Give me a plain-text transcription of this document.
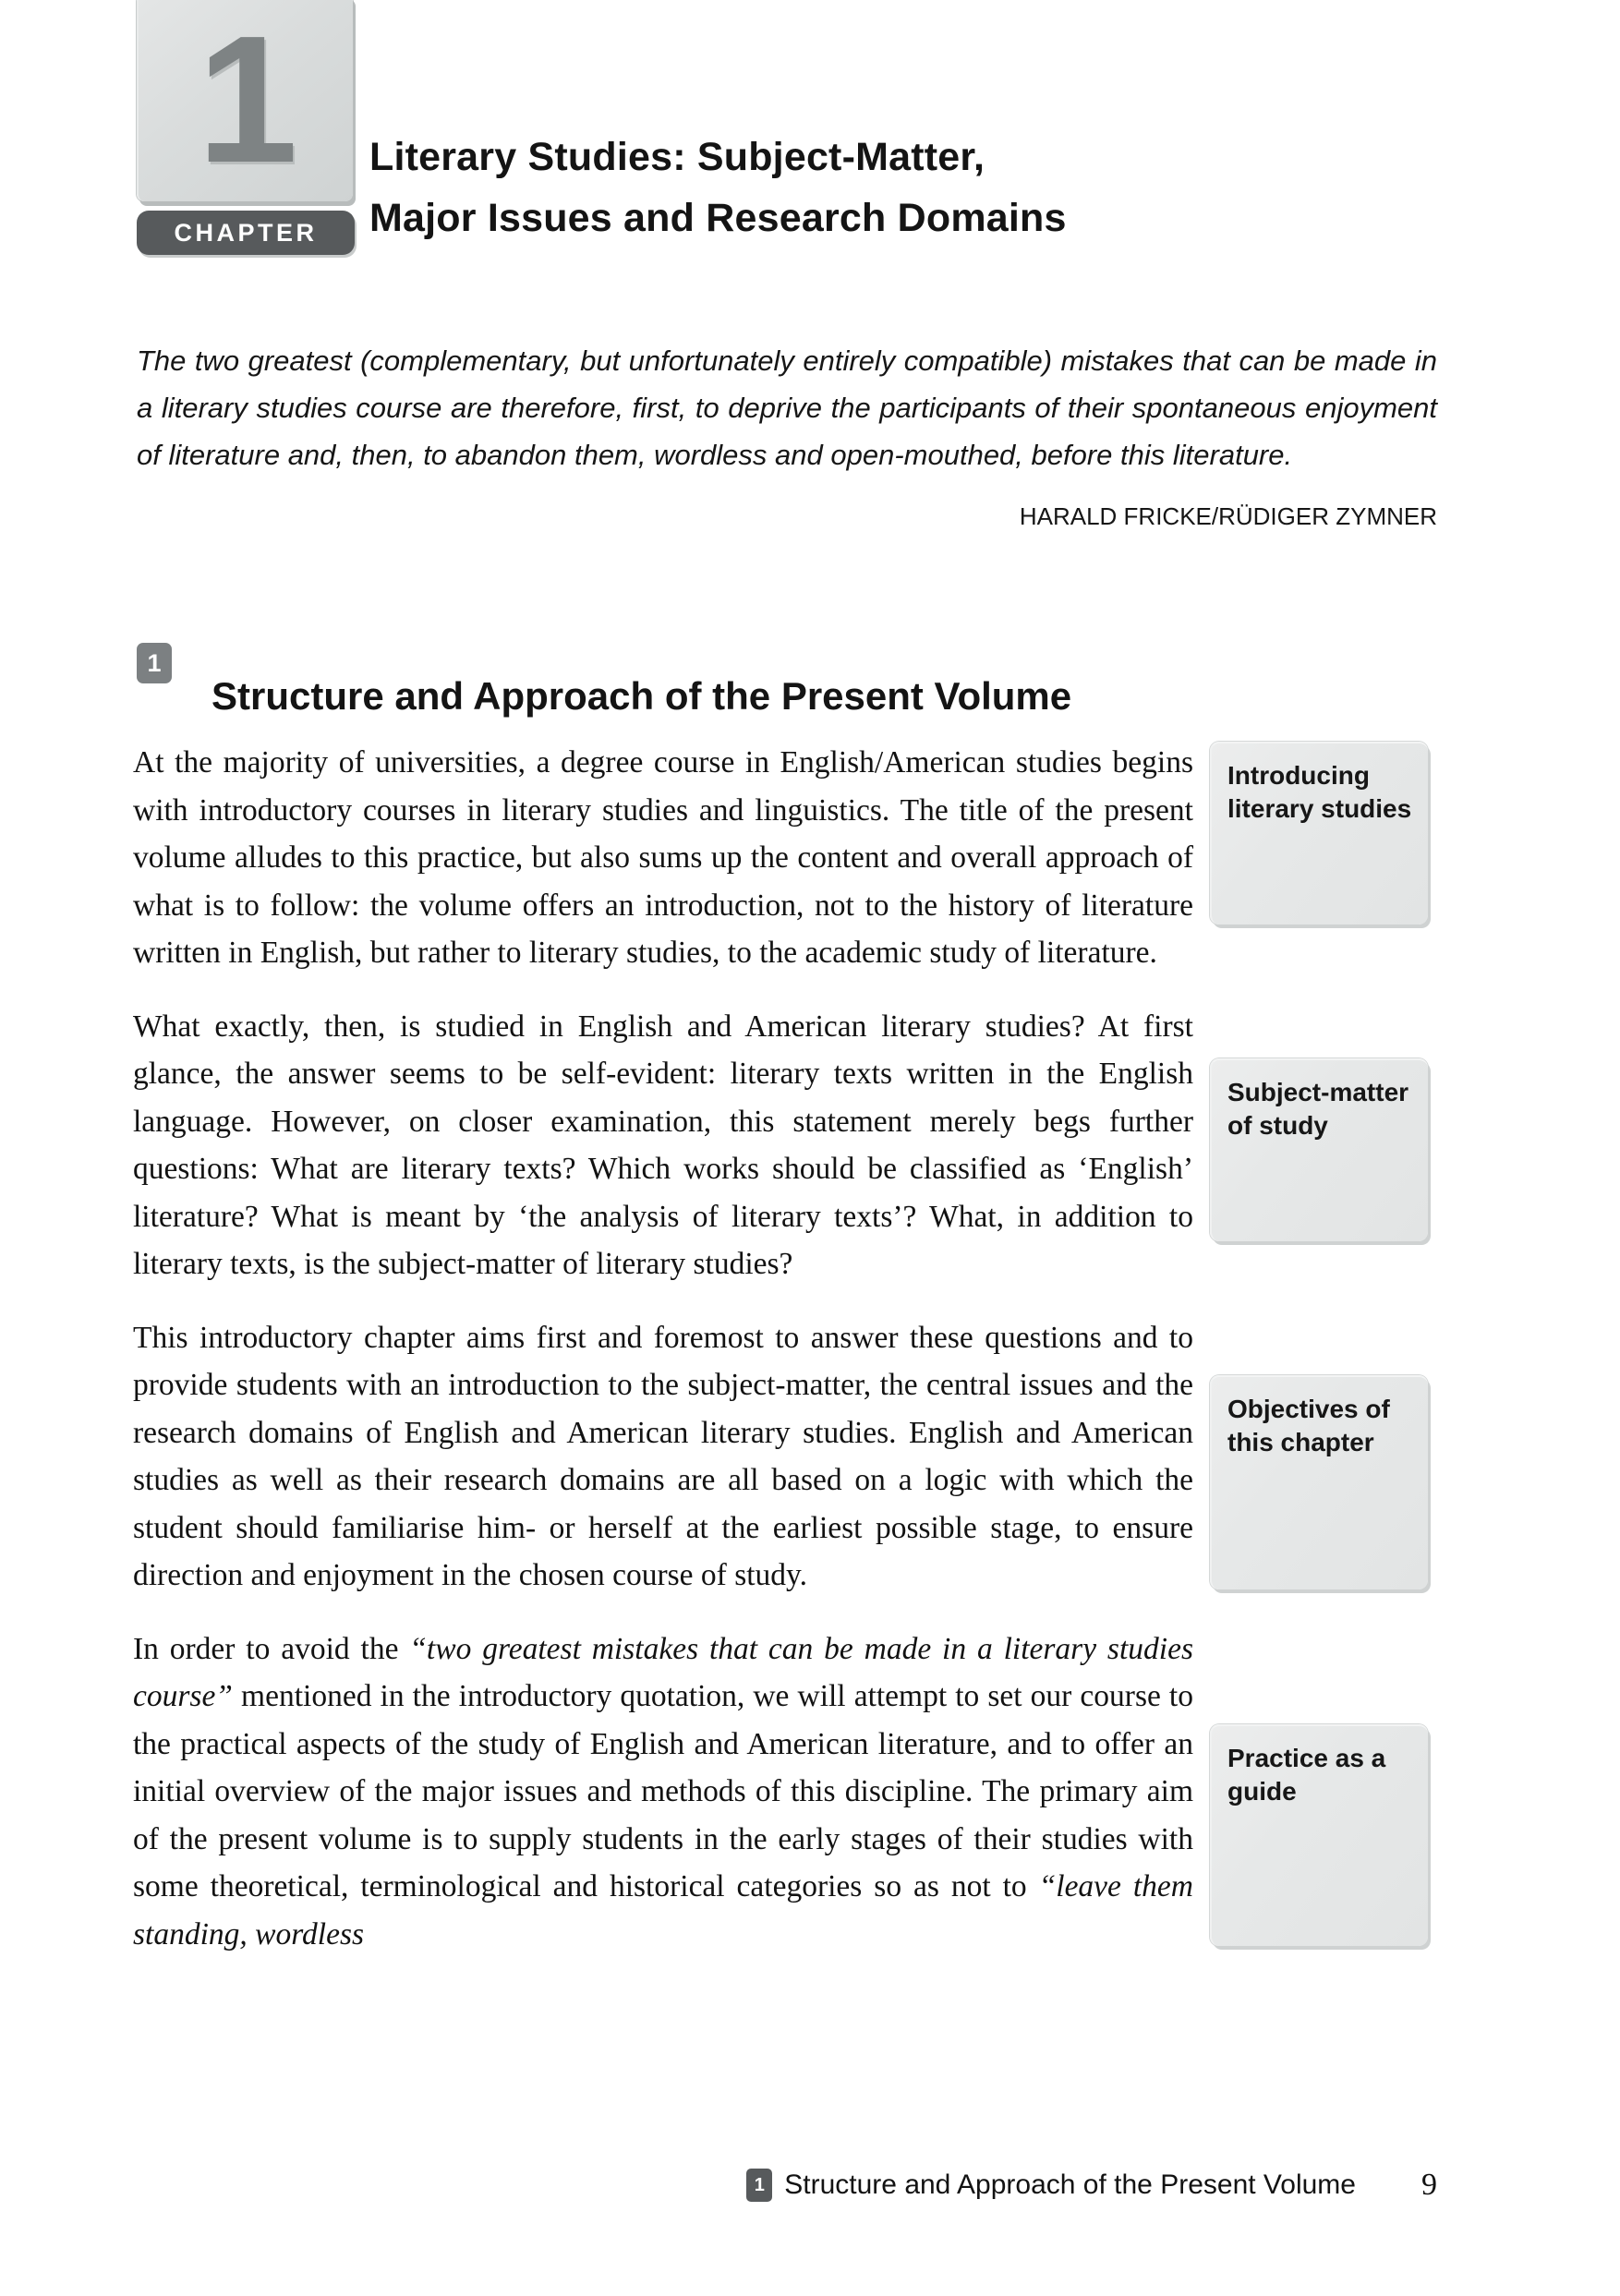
1
CHAPTER
Literary Studies: Subject-Matter,
Major Issues and Research Domains
The two greatest (complementary, but unfortunately entirely compatible) mistakes that can be made in a literary studies course are therefore, first, to deprive the participants of their spontaneous enjoyment of literature and, then, to abandon them, wordless and open-mouthed, before this literature.
HARALD FRICKE/RÜDIGER ZYMNER
1
Structure and Approach of the Present Volume

At the majority of universities, a degree course in English/American studies begins with introductory courses in literary studies and linguistics. The title of the present volume alludes to this practice, but also sums up the content and overall approach of what is to follow: the volume offers an introduction, not to the history of literature written in English, but rather to literary studies, to the academic study of literature.

What exactly, then, is studied in English and American literary studies? At first glance, the answer seems to be self-evident: literary texts written in the English language. However, on closer examination, this statement merely begs further questions: What are literary texts? Which works should be classified as ‘English’ literature? What is meant by ‘the analysis of literary texts’? What, in addition to literary texts, is the subject-matter of literary studies?

This introductory chapter aims first and foremost to answer these questions and to provide students with an introduction to the subject-matter, the central issues and the research domains of English and American literary studies. English and American studies as well as their research domains are all based on a logic with which the student should familiarise him- or herself at the earliest possible stage, to ensure direction and enjoyment in the chosen course of study.

In order to avoid the “two greatest mistakes that can be made in a literary studies course” mentioned in the introductory quotation, we will attempt to set our course to the practical aspects of the study of English and American literature, and to offer an initial overview of the major issues and methods of this discipline. The primary aim of the present volume is to supply students in the early stages of their studies with some theoretical, terminological and historical categories so as not to “leave them standing, wordless

Introducing literary studies
Subject-matter of study
Objectives of this chapter
Practice as a guide
1 Structure and Approach of the Present Volume	9
